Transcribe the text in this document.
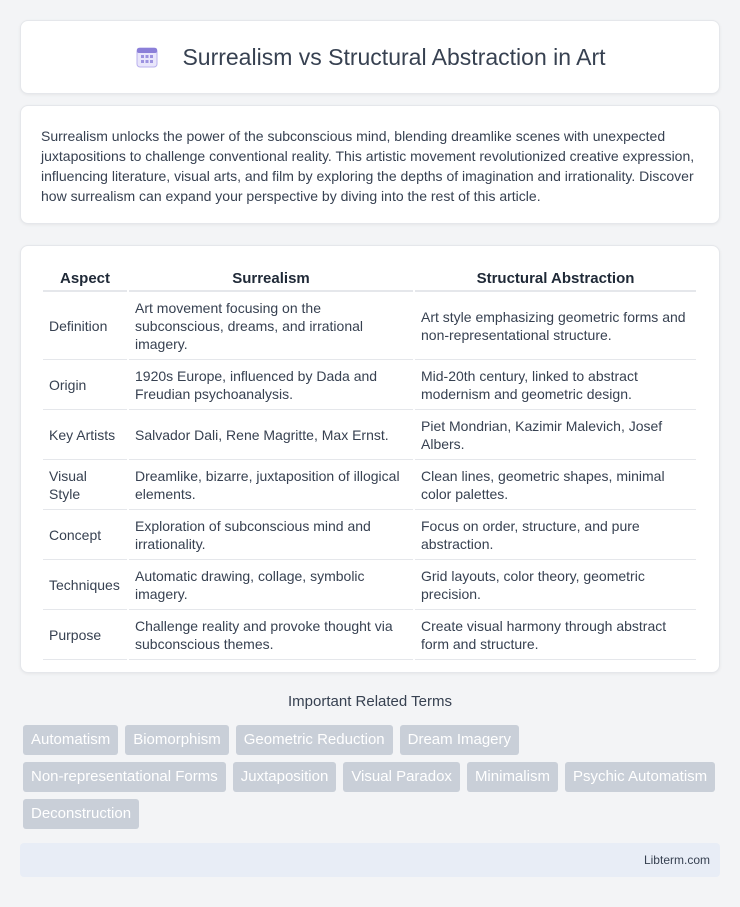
Surrealism vs Structural Abstraction in Art

Surrealism unlocks the power of the subconscious mind, blending dreamlike scenes with unexpected juxtapositions to challenge conventional reality. This artistic movement revolutionized creative expression, influencing literature, visual arts, and film by exploring the depths of imagination and irrationality. Discover how surrealism can expand your perspective by diving into the rest of this article.

Aspect	Surrealism	Structural Abstraction
Definition	Art movement focusing on the subconscious, dreams, and irrational imagery.	Art style emphasizing geometric forms and non-representational structure.
Origin	1920s Europe, influenced by Dada and Freudian psychoanalysis.	Mid-20th century, linked to abstract modernism and geometric design.
Key Artists	Salvador Dali, Rene Magritte, Max Ernst.	Piet Mondrian, Kazimir Malevich, Josef Albers.
Visual Style	Dreamlike, bizarre, juxtaposition of illogical elements.	Clean lines, geometric shapes, minimal color palettes.
Concept	Exploration of subconscious mind and irrationality.	Focus on order, structure, and pure abstraction.
Techniques	Automatic drawing, collage, symbolic imagery.	Grid layouts, color theory, geometric precision.
Purpose	Challenge reality and provoke thought via subconscious themes.	Create visual harmony through abstract form and structure.
Important Related Terms
Automatism	Biomorphism	Geometric Reduction	Dream Imagery
Non-representational Forms	Juxtaposition	Visual Paradox	Minimalism	Psychic Automatism
Deconstruction
Libterm.com
